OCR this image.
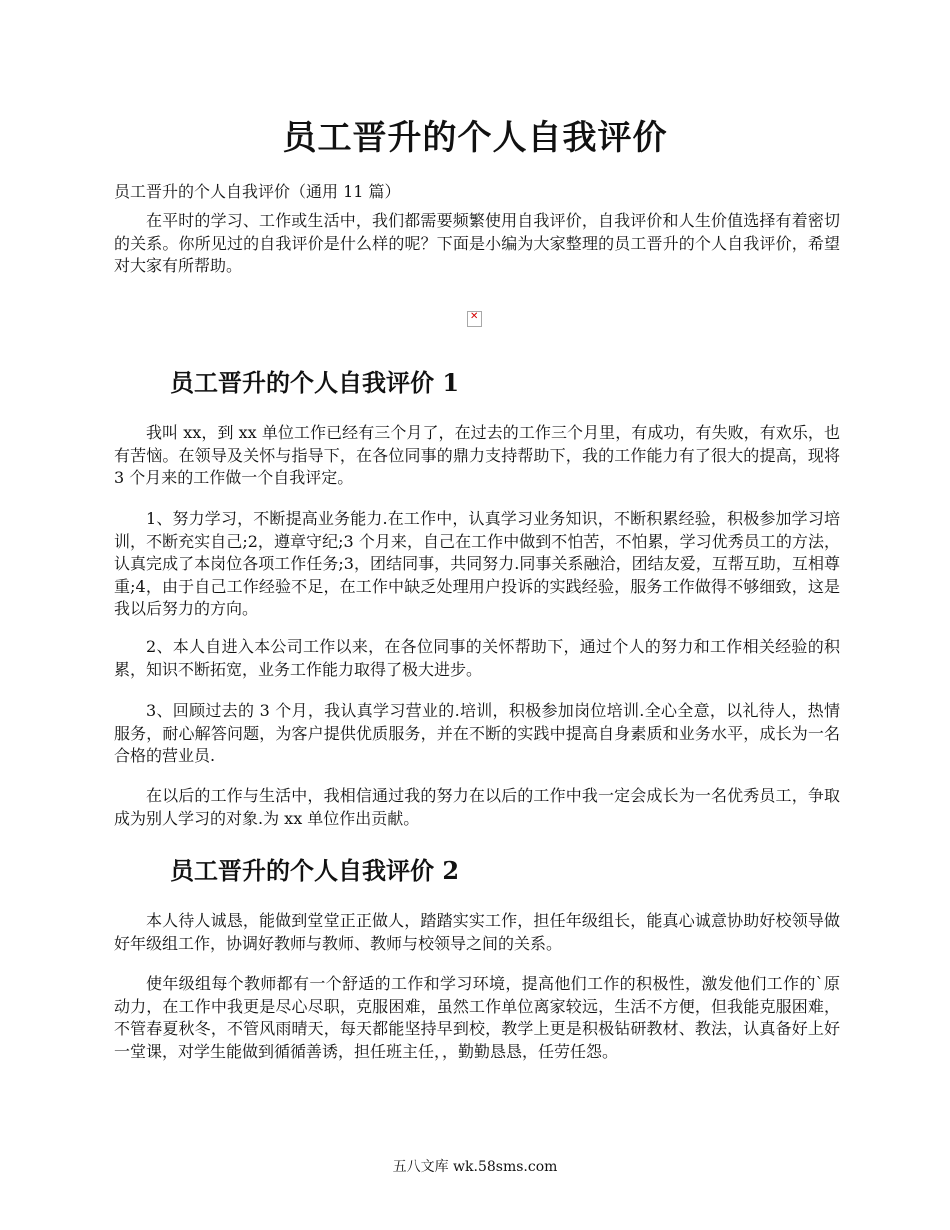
员工晋升的个人自我评价

员工晋升的个人自我评价（通用 11 篇）

在平时的学习、工作或生活中，我们都需要频繁使用自我评价，自我评价和人生价值选择有着密切的关系。你所见过的自我评价是什么样的呢？下面是小编为大家整理的员工晋升的个人自我评价，希望对大家有所帮助。

✕
员工晋升的个人自我评价 1

我叫 xx，到 xx 单位工作已经有三个月了，在过去的工作三个月里，有成功，有失败，有欢乐，也有苦恼。在领导及关怀与指导下，在各位同事的鼎力支持帮助下，我的工作能力有了很大的提高，现将 3 个月来的工作做一个自我评定。

1、努力学习，不断提高业务能力.在工作中，认真学习业务知识，不断积累经验，积极参加学习培训，不断充实自己;2，遵章守纪;3 个月来，自己在工作中做到不怕苦，不怕累，学习优秀员工的方法，认真完成了本岗位各项工作任务;3，团结同事，共同努力.同事关系融洽，团结友爱，互帮互助，互相尊重;4，由于自己工作经验不足，在工作中缺乏处理用户投诉的实践经验，服务工作做得不够细致，这是我以后努力的方向。

2、本人自进入本公司工作以来，在各位同事的关怀帮助下，通过个人的努力和工作相关经验的积累，知识不断拓宽，业务工作能力取得了极大进步。

3、回顾过去的 3 个月，我认真学习营业的.培训，积极参加岗位培训.全心全意，以礼待人，热情服务，耐心解答问题，为客户提供优质服务，并在不断的实践中提高自身素质和业务水平，成长为一名合格的营业员.

在以后的工作与生活中，我相信通过我的努力在以后的工作中我一定会成长为一名优秀员工，争取成为别人学习的对象.为 xx 单位作出贡献。

员工晋升的个人自我评价 2

本人待人诚恳，能做到堂堂正正做人，踏踏实实工作，担任年级组长，能真心诚意协助好校领导做好年级组工作，协调好教师与教师、教师与校领导之间的关系。

使年级组每个教师都有一个舒适的工作和学习环境，提高他们工作的积极性，激发他们工作的`原动力，在工作中我更是尽心尽职，克服困难，虽然工作单位离家较远，生活不方便，但我能克服困难，不管春夏秋冬，不管风雨晴天，每天都能坚持早到校，教学上更是积极钻研教材、教法，认真备好上好一堂课，对学生能做到循循善诱，担任班主任，，勤勤恳恳，任劳任怨。

五八文库 wk.58sms.com
